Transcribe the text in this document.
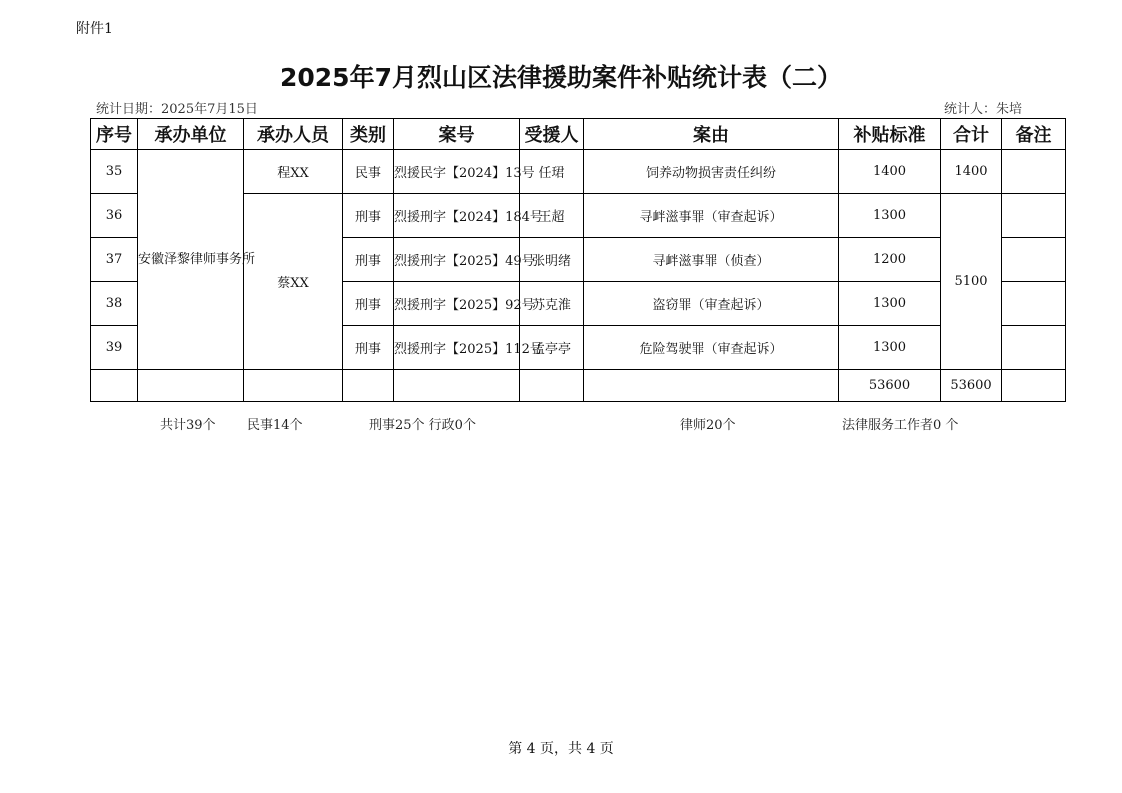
附件1
2025年7月烈山区法律援助案件补贴统计表（二）
统计日期：2025年7月15日	统计人：朱培
序号	承办单位	承办人员	类别	案号	受援人	案由	补贴标准	合计	备注
35	安徽泽黎律师事务所	程XX	民事	烈援民字【2024】13号	任珺	饲养动物损害责任纠纷	1400	1400	
36		蔡XX	刑事	烈援刑字【2024】184号	王超	寻衅滋事罪（审查起诉）	1300	5100	
37			刑事	烈援刑字【2025】49号	张明绪	寻衅滋事罪（侦查）	1200		
38			刑事	烈援刑字【2025】92号	苏克淮	盗窃罪（审查起诉）	1300		
39			刑事	烈援刑字【2025】112号	孟亭亭	危险驾驶罪（审查起诉）	1300		
							53600	53600	
共计39个 民事14个	刑事25个 行政0个	律师20个	法律服务工作者0 个
第 4 页，共 4 页
